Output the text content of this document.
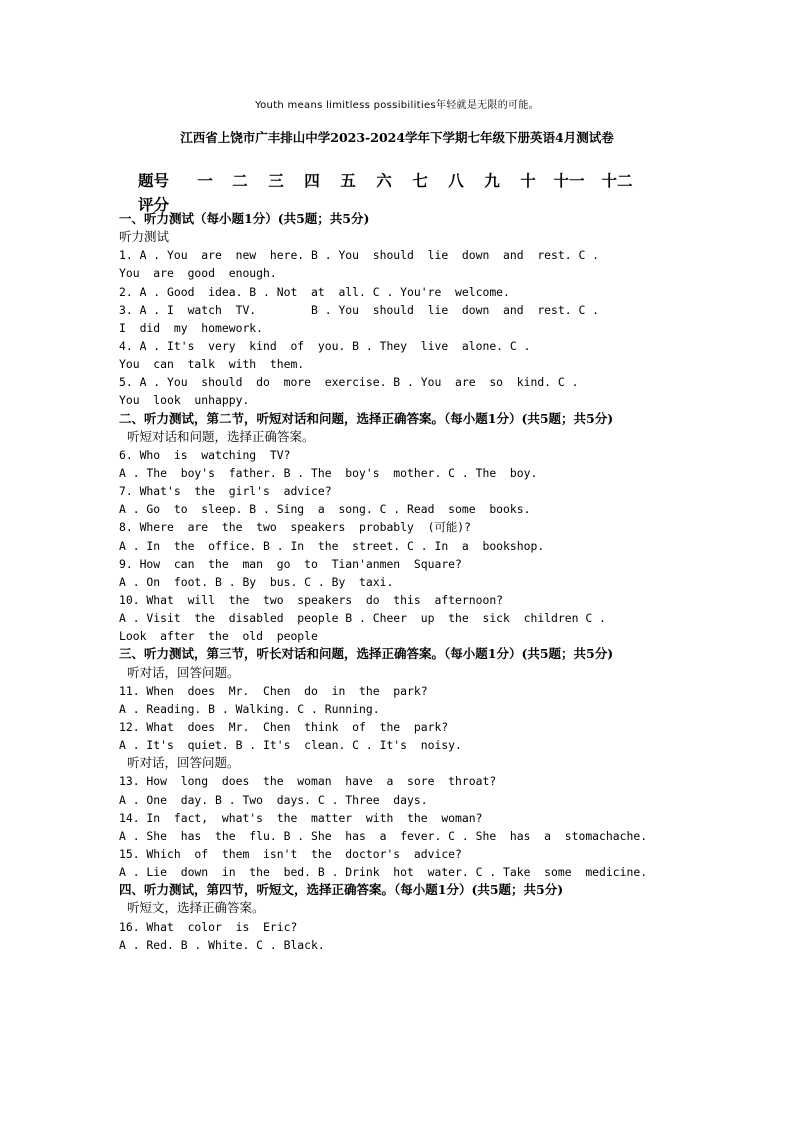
Youth means limitless possibilities年轻就是无限的可能。
江西省上饶市广丰排山中学2023-2024学年下学期七年级下册英语4月测试卷
题号	一	二	三	四	五	六	七	八	九	十	十一	十二
评分
一、听力测试（每小题1分）(共5题；共5分)
听力测试
1. A . You  are  new  here. B . You  should  lie  down  and  rest. C .
You  are  good  enough.
2. A . Good  idea. B . Not  at  all. C . You're  welcome.
3. A . I  watch  TV.        B . You  should  lie  down  and  rest. C .
I  did  my  homework.
4. A . It's  very  kind  of  you. B . They  live  alone. C .
You  can  talk  with  them.
5. A . You  should  do  more  exercise. B . You  are  so  kind. C .
You  look  unhappy.
二、听力测试，第二节，听短对话和问题，选择正确答案。（每小题1分）(共5题；共5分)
听短对话和问题，选择正确答案。
6. Who  is  watching  TV?
A . The  boy's  father. B . The  boy's  mother. C . The  boy.
7. What's  the  girl's  advice?
A . Go  to  sleep. B . Sing  a  song. C . Read  some  books.
8. Where  are  the  two  speakers  probably  (可能)?
A . In  the  office. B . In  the  street. C . In  a  bookshop.
9. How  can  the  man  go  to  Tian'anmen  Square?
A . On  foot. B . By  bus. C . By  taxi.
10. What  will  the  two  speakers  do  this  afternoon?
A . Visit  the  disabled  people B . Cheer  up  the  sick  children C .
Look  after  the  old  people
三、听力测试，第三节，听长对话和问题，选择正确答案。（每小题1分）(共5题；共5分)
听对话，回答问题。
11. When  does  Mr.  Chen  do  in  the  park?
A . Reading. B . Walking. C . Running.
12. What  does  Mr.  Chen  think  of  the  park?
A . It's  quiet. B . It's  clean. C . It's  noisy.
听对话，回答问题。
13. How  long  does  the  woman  have  a  sore  throat?
A . One  day. B . Two  days. C . Three  days.
14. In  fact,  what's  the  matter  with  the  woman?
A . She  has  the  flu. B . She  has  a  fever. C . She  has  a  stomachache.
15. Which  of  them  isn't  the  doctor's  advice?
A . Lie  down  in  the  bed. B . Drink  hot  water. C . Take  some  medicine.
四、听力测试，第四节，听短文，选择正确答案。（每小题1分）(共5题；共5分)
听短文，选择正确答案。
16. What  color  is  Eric?
A . Red. B . White. C . Black.
